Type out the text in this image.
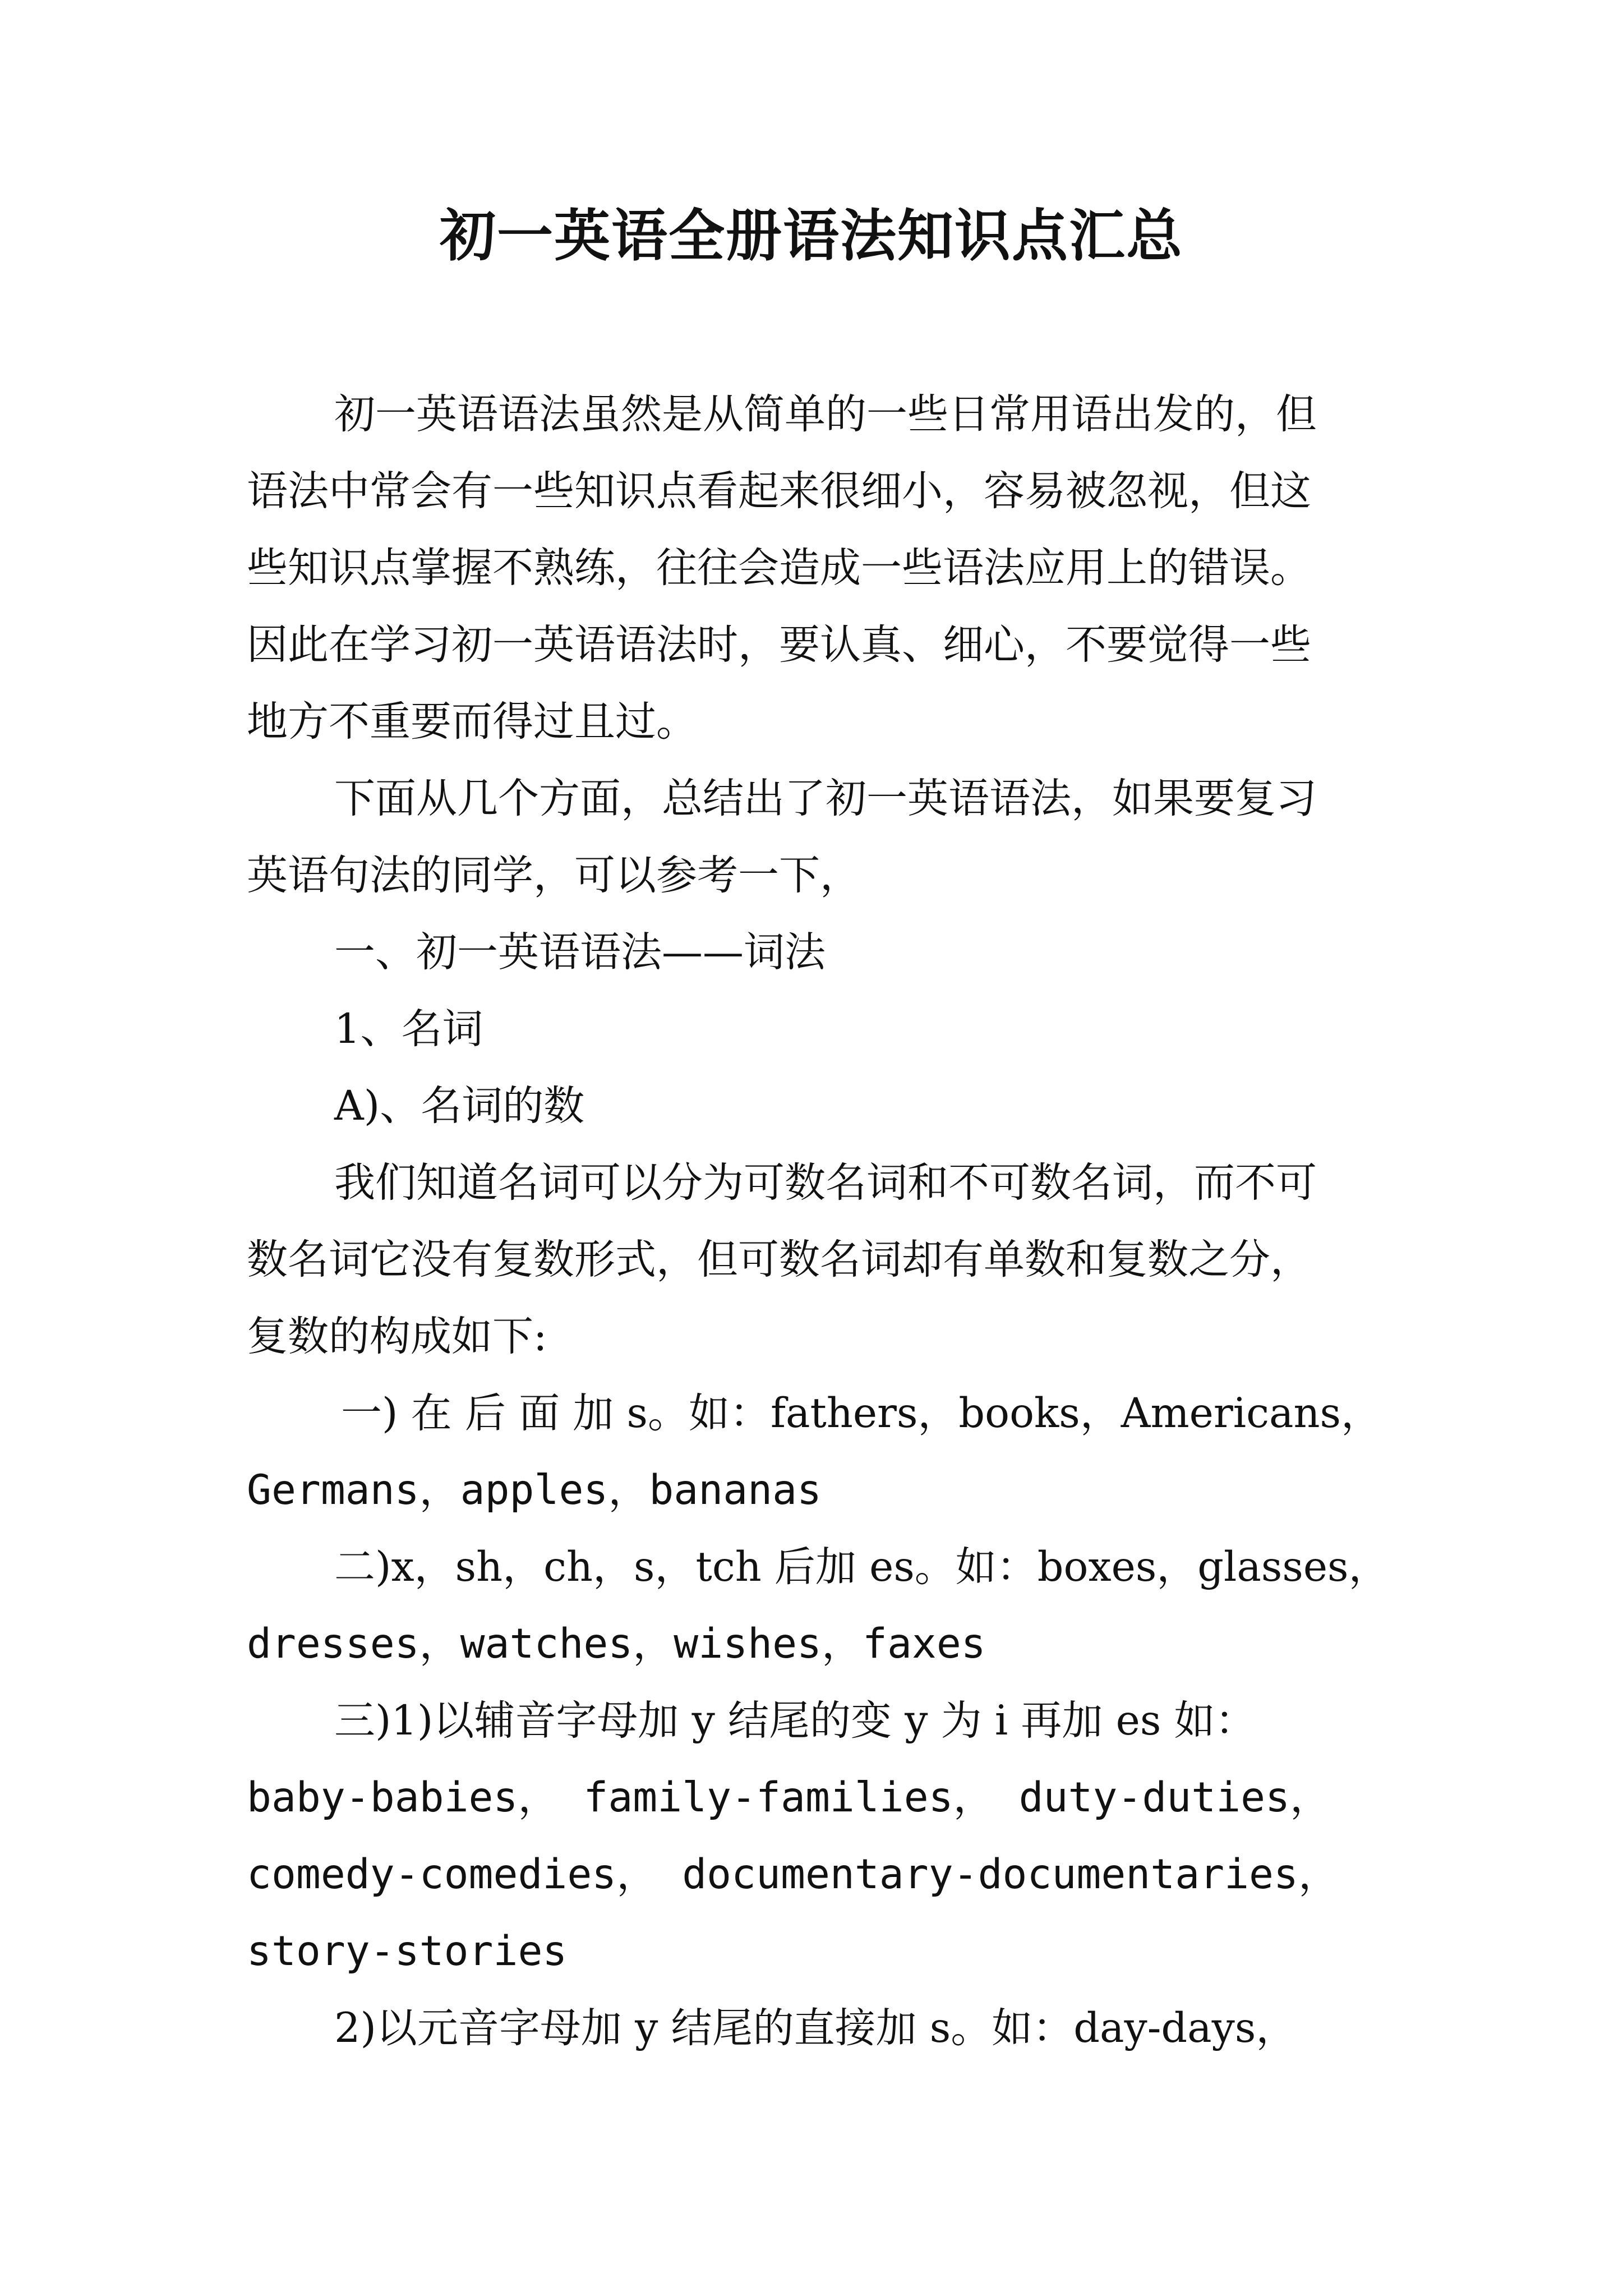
初一英语全册语法知识点汇总

初一英语语法虽然是从简单的一些日常用语出发的，但

语法中常会有一些知识点看起来很细小，容易被忽视，但这

些知识点掌握不熟练，往往会造成一些语法应用上的错误。

因此在学习初一英语语法时，要认真、细心，不要觉得一些

地方不重要而得过且过。

下面从几个方面，总结出了初一英语语法，如果要复习

英语句法的同学，可以参考一下，

一、初一英语语法——词法

1、名词

A)、名词的数

我们知道名词可以分为可数名词和不可数名词，而不可

数名词它没有复数形式，但可数名词却有单数和复数之分，

复数的构成如下:

一) 在 后 面 加 s。如：fathers，books，Americans，

Germans，apples，bananas

二)x，sh，ch，s，tch 后加 es。如：boxes，glasses，

dresses，watches，wishes，faxes

三)1)以辅音字母加 y 结尾的变 y 为 i 再加 es 如：

baby-babies， family-families， duty-duties，

comedy-comedies， documentary-documentaries，

story-stories

2)以元音字母加 y 结尾的直接加 s。如：day-days，
